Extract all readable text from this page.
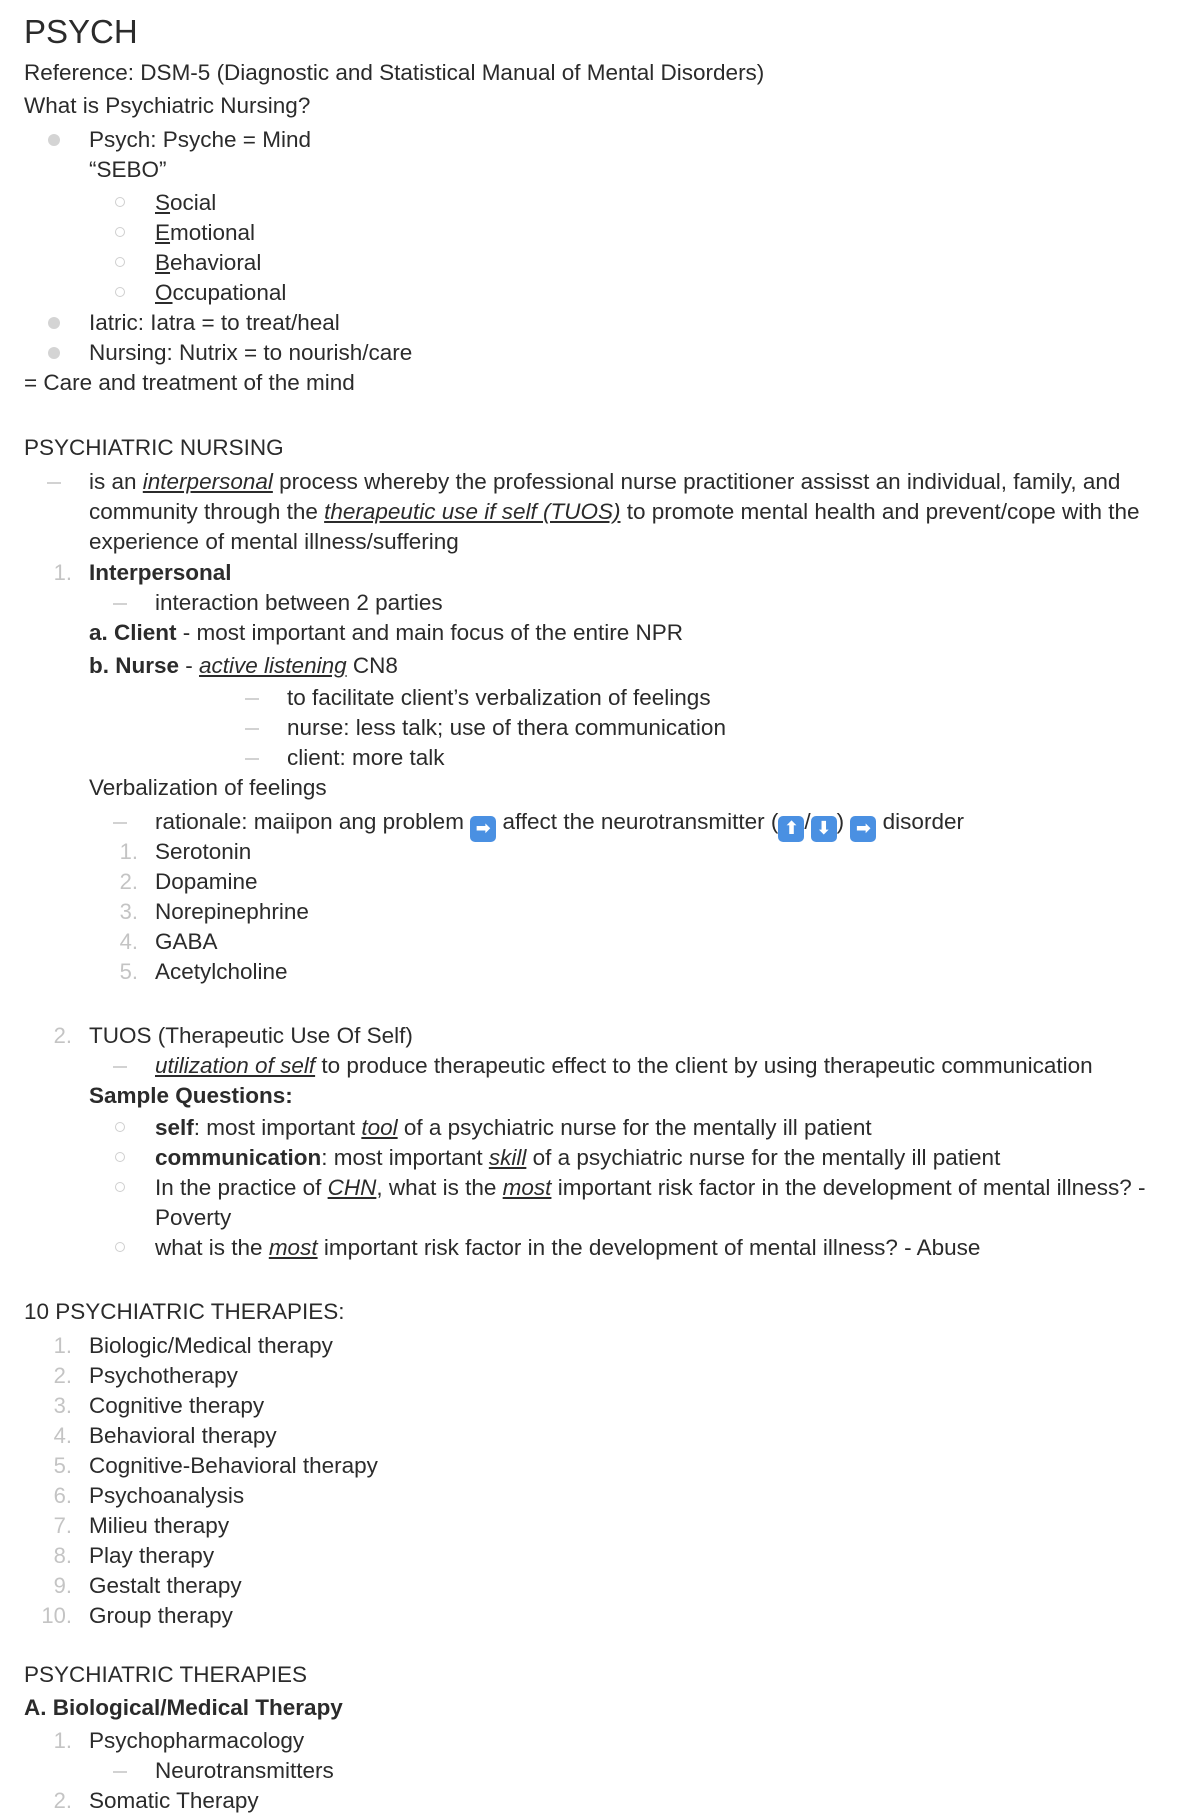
PSYCH
Reference: DSM-5 (Diagnostic and Statistical Manual of Mental Disorders)
What is Psychiatric Nursing?
Psych: Psyche = Mind
“SEBO”
Social
Emotional
Behavioral
Occupational
Iatric: Iatra = to treat/heal
Nursing: Nutrix = to nourish/care
= Care and treatment of the mind
PSYCHIATRIC NURSING
is an interpersonal process whereby the professional nurse practitioner assisst an individual, family, and community through the therapeutic use if self (TUOS) to promote mental health and prevent/cope with the experience of mental illness/suffering
1. Interpersonal
interaction between 2 parties
a. Client - most important and main focus of the entire NPR
b. Nurse - active listening CN8
to facilitate client’s verbalization of feelings
nurse: less talk; use of thera communication
client: more talk
Verbalization of feelings
rationale: maiipon ang problem ➡ affect the neurotransmitter ( ⬆ / ⬇ ) ➡ disorder
1. Serotonin
2. Dopamine
3. Norepinephrine
4. GABA
5. Acetylcholine
2. TUOS (Therapeutic Use Of Self)
utilization of self to produce therapeutic effect to the client by using therapeutic communication
Sample Questions:
self: most important tool of a psychiatric nurse for the mentally ill patient
communication: most important skill of a psychiatric nurse for the mentally ill patient
In the practice of CHN, what is the most important risk factor in the development of mental illness? -
Poverty
what is the most important risk factor in the development of mental illness? - Abuse
10 PSYCHIATRIC THERAPIES:
1. Biologic/Medical therapy
2. Psychotherapy
3. Cognitive therapy
4. Behavioral therapy
5. Cognitive-Behavioral therapy
6. Psychoanalysis
7. Milieu therapy
8. Play therapy
9. Gestalt therapy
10. Group therapy
PSYCHIATRIC THERAPIES
A. Biological/Medical Therapy
1. Psychopharmacology
Neurotransmitters
2. Somatic Therapy
